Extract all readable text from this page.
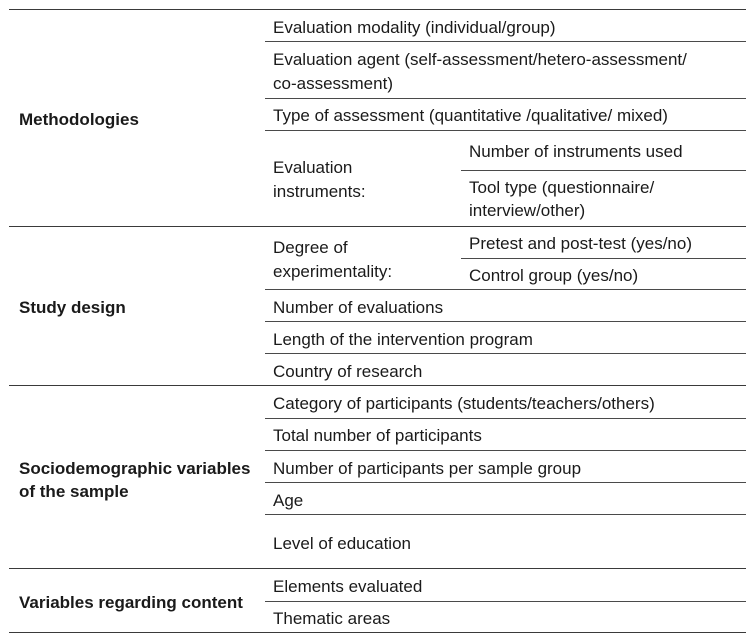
Methodologies
Study design
Sociodemographic variables
of the sample
Variables regarding content
Evaluation modality (individual/group)
Evaluation agent (self-assessment/hetero-assessment/
co-assessment)
Type of assessment (quantitative /qualitative/ mixed)
Evaluation
instruments:
Number of instruments used
Tool type (questionnaire/
interview/other)
Degree of
experimentality:
Pretest and post-test (yes/no)
Control group (yes/no)
Number of evaluations
Length of the intervention program
Country of research
Category of participants (students/teachers/others)
Total number of participants
Number of participants per sample group
Age
Level of education
Elements evaluated
Thematic areas
